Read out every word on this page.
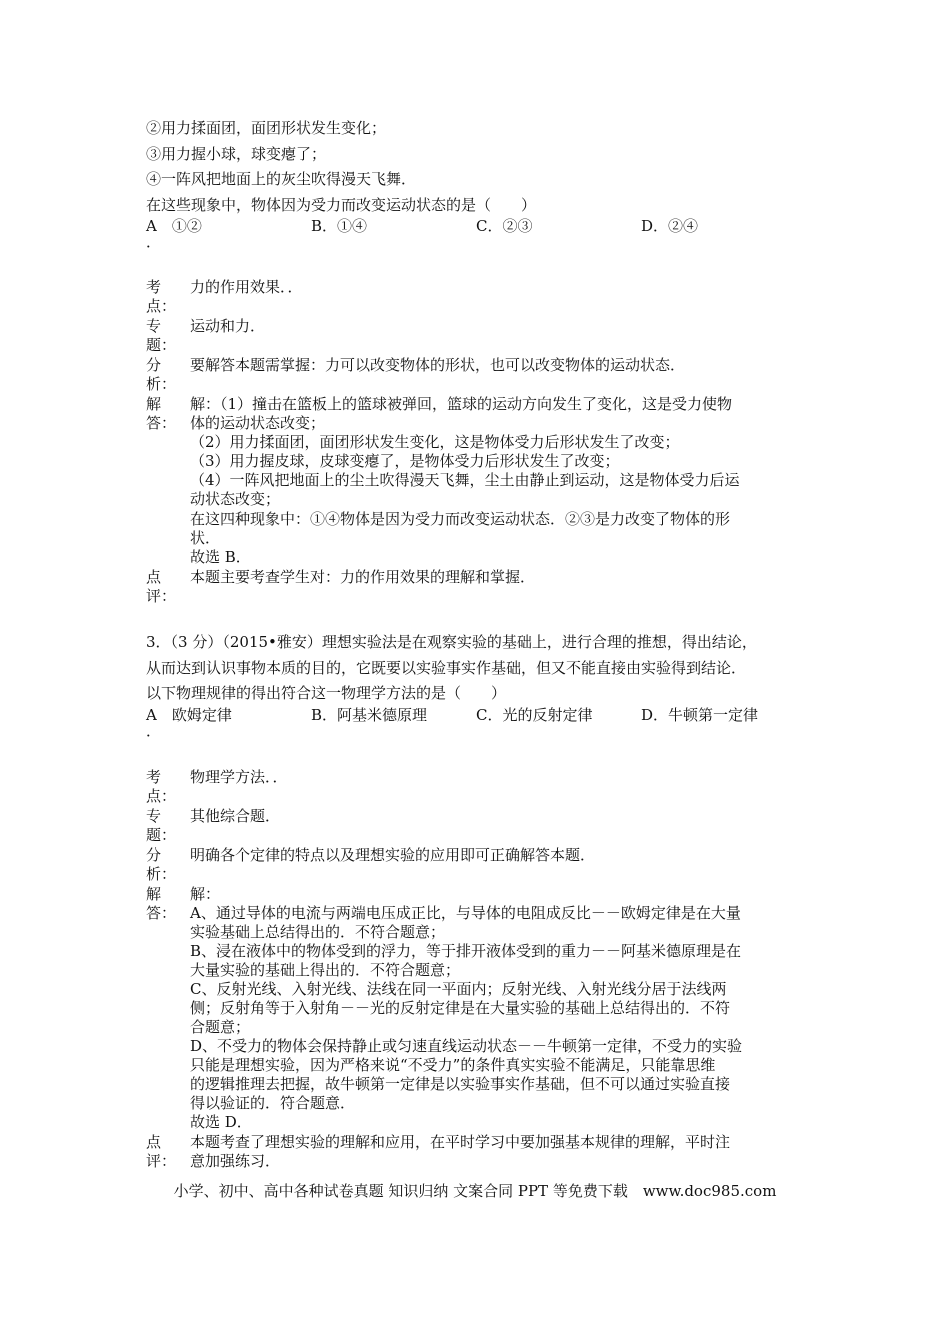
②用力揉面团，面团形状发生变化；
③用力握小球，球变瘪了；
④一阵风把地面上的灰尘吹得漫天飞舞．
在这些现象中，物体因为受力而改变运动状态的是（　　）
A　①②	B．①④	C．②③	D．②④
．
考
点：
力的作用效果．．
专
题：
运动和力．
分
析：
要解答本题需掌握：力可以改变物体的形状，也可以改变物体的运动状态．
解
答：
解：（1）撞击在篮板上的篮球被弹回，篮球的运动方向发生了变化，这是受力使物
体的运动状态改变；
（2）用力揉面团，面团形状发生变化，这是物体受力后形状发生了改变；
（3）用力握皮球，皮球变瘪了，是物体受力后形状发生了改变；
（4）一阵风把地面上的尘土吹得漫天飞舞，尘土由静止到运动，这是物体受力后运
动状态改变；
在这四种现象中：①④物体是因为受力而改变运动状态．②③是力改变了物体的形
状．
故选 B．
点
评：
本题主要考查学生对：力的作用效果的理解和掌握．
3．（3 分）（2015•雅安）理想实验法是在观察实验的基础上，进行合理的推想，得出结论，
从而达到认识事物本质的目的，它既要以实验事实作基础，但又不能直接由实验得到结论．
以下物理规律的得出符合这一物理学方法的是（　　）
A　欧姆定律	B．阿基米德原理	C．光的反射定律	D．牛顿第一定律
．
考
点：
物理学方法．．
专
题：
其他综合题．
分
析：
明确各个定律的特点以及理想实验的应用即可正确解答本题．
解
答：
解：
A、通过导体的电流与两端电压成正比，与导体的电阻成反比－－欧姆定律是在大量
实验基础上总结得出的．不符合题意；
B、浸在液体中的物体受到的浮力，等于排开液体受到的重力－－阿基米德原理是在
大量实验的基础上得出的．不符合题意；
C、反射光线、入射光线、法线在同一平面内；反射光线、入射光线分居于法线两
侧；反射角等于入射角－－光的反射定律是在大量实验的基础上总结得出的．不符
合题意；
D、不受力的物体会保持静止或匀速直线运动状态－－牛顿第一定律，不受力的实验
只能是理想实验，因为严格来说“不受力”的条件真实实验不能满足，只能靠思维
的逻辑推理去把握，故牛顿第一定律是以实验事实作基础，但不可以通过实验直接
得以验证的．符合题意．
故选 D．
点
评：
本题考查了理想实验的理解和应用，在平时学习中要加强基本规律的理解，平时注
意加强练习．
小学、初中、高中各种试卷真题 知识归纳 文案合同 PPT 等免费下载　www.doc985.com
